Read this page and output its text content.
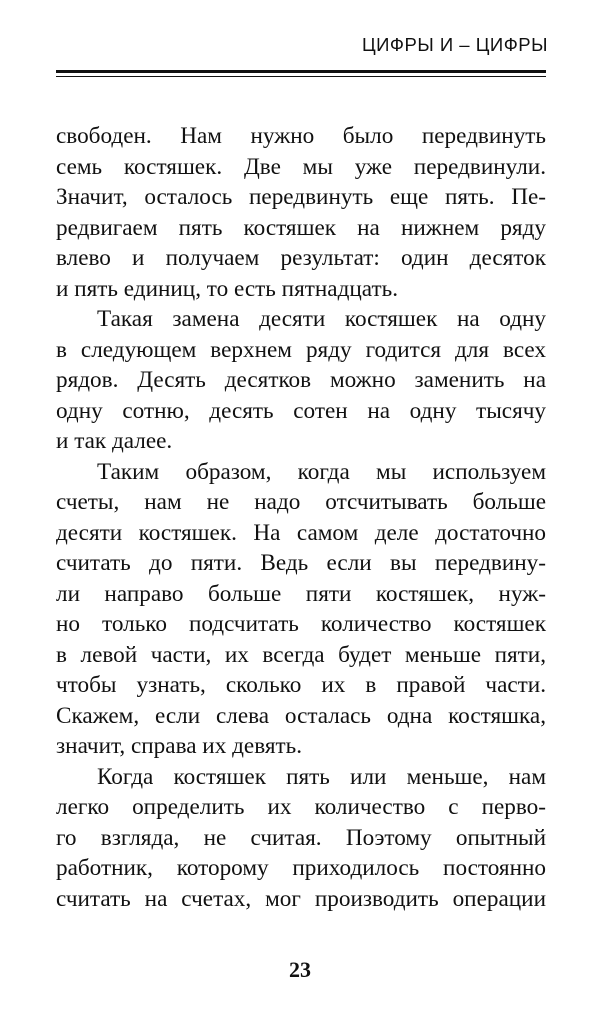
ЦИФРЫ И – ЦИФРЫ
свободен. Нам нужно было передвинуть
семь костяшек. Две мы уже передвинули.
Значит, осталось передвинуть еще пять. Пе-
редвигаем пять костяшек на нижнем ряду
влево и получаем результат: один десяток
и пять единиц, то есть пятнадцать.
Такая замена десяти костяшек на одну
в следующем верхнем ряду годится для всех
рядов. Десять десятков можно заменить на
одну сотню, десять сотен на одну тысячу
и так далее.
Таким образом, когда мы используем
счеты, нам не надо отсчитывать больше
десяти костяшек. На самом деле достаточно
считать до пяти. Ведь если вы передвину-
ли направо больше пяти костяшек, нуж-
но только подсчитать количество костяшек
в левой части, их всегда будет меньше пяти,
чтобы узнать, сколько их в правой части.
Скажем, если слева осталась одна костяшка,
значит, справа их девять.
Когда костяшек пять или меньше, нам
легко определить их количество с перво-
го взгляда, не считая. Поэтому опытный
работник, которому приходилось постоянно
считать на счетах, мог производить операции
23
